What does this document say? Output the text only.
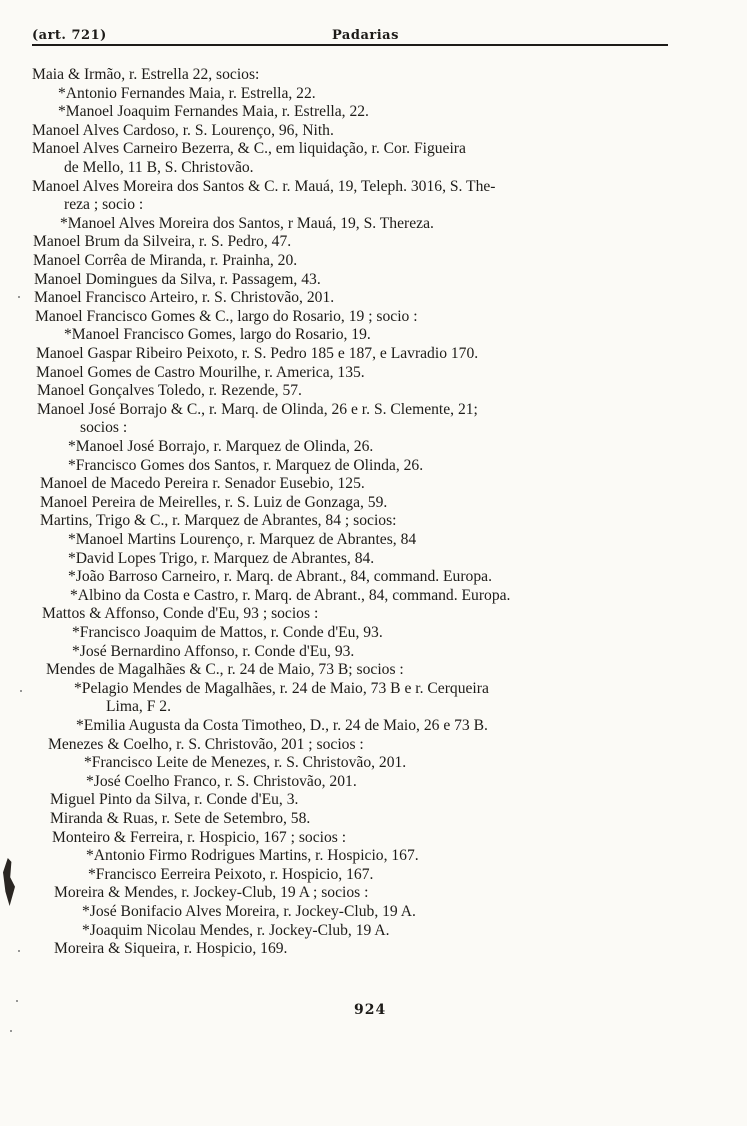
(art. 721)	Padarias
Maia & Irmão, r. Estrella 22, socios:
*Antonio Fernandes Maia, r. Estrella, 22.
*Manoel Joaquim Fernandes Maia, r. Estrella, 22.
Manoel Alves Cardoso, r. S. Lourenço, 96, Nith.
Manoel Alves Carneiro Bezerra, & C., em liquidação, r. Cor. Figueira
de Mello, 11 B, S. Christovão.
Manoel Alves Moreira dos Santos & C. r. Mauá, 19, Teleph. 3016, S. The-
reza ; socio :
*Manoel Alves Moreira dos Santos, r Mauá, 19, S. Thereza.
Manoel Brum da Silveira, r. S. Pedro, 47.
Manoel Corrêa de Miranda, r. Prainha, 20.
Manoel Domingues da Silva, r. Passagem, 43.
Manoel Francisco Arteiro, r. S. Christovão, 201.
Manoel Francisco Gomes & C., largo do Rosario, 19 ; socio :
*Manoel Francisco Gomes, largo do Rosario, 19.
Manoel Gaspar Ribeiro Peixoto, r. S. Pedro 185 e 187, e Lavradio 170.
Manoel Gomes de Castro Mourilhe, r. America, 135.
Manoel Gonçalves Toledo, r. Rezende, 57.
Manoel José Borrajo & C., r. Marq. de Olinda, 26 e r. S. Clemente, 21;
socios :
*Manoel José Borrajo, r. Marquez de Olinda, 26.
*Francisco Gomes dos Santos, r. Marquez de Olinda, 26.
Manoel de Macedo Pereira r. Senador Eusebio, 125.
Manoel Pereira de Meirelles, r. S. Luiz de Gonzaga, 59.
Martins, Trigo & C., r. Marquez de Abrantes, 84 ; socios:
*Manoel Martins Lourenço, r. Marquez de Abrantes, 84
*David Lopes Trigo, r. Marquez de Abrantes, 84.
*João Barroso Carneiro, r. Marq. de Abrant., 84, command. Europa.
*Albino da Costa e Castro, r. Marq. de Abrant., 84, command. Europa.
Mattos & Affonso, Conde d'Eu, 93 ; socios :
*Francisco Joaquim de Mattos, r. Conde d'Eu, 93.
*José Bernardino Affonso, r. Conde d'Eu, 93.
Mendes de Magalhães & C., r. 24 de Maio, 73 B; socios :
*Pelagio Mendes de Magalhães, r. 24 de Maio, 73 B e r. Cerqueira
Lima, F 2.
*Emilia Augusta da Costa Timotheo, D., r. 24 de Maio, 26 e 73 B.
Menezes & Coelho, r. S. Christovão, 201 ; socios :
*Francisco Leite de Menezes, r. S. Christovão, 201.
*José Coelho Franco, r. S. Christovão, 201.
Miguel Pinto da Silva, r. Conde d'Eu, 3.
Miranda & Ruas, r. Sete de Setembro, 58.
Monteiro & Ferreira, r. Hospicio, 167 ; socios :
*Antonio Firmo Rodrigues Martins, r. Hospicio, 167.
*Francisco Eerreira Peixoto, r. Hospicio, 167.
Moreira & Mendes, r. Jockey-Club, 19 A ; socios :
*José Bonifacio Alves Moreira, r. Jockey-Club, 19 A.
*Joaquim Nicolau Mendes, r. Jockey-Club, 19 A.
Moreira & Siqueira, r. Hospicio, 169.
924
